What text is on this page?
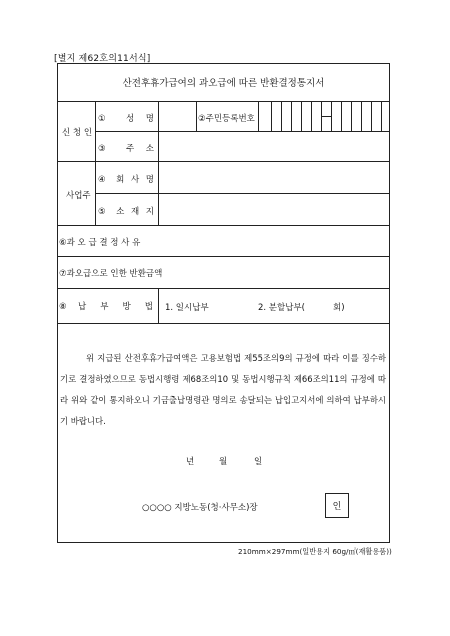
[별지 제62호의11서식]
산전후휴가급여의 과오급에 따른 반환결정통지서
신 청 인
① 성 명	②주민등록번호
③ 주 소
사업주
④ 회 사 명
⑤ 소 재 지
⑥과 오 급 결 정 사 유
⑦과오급으로 인한 반환금액
⑧납 부 방 법 1. 일시납부	2. 분할납부(	회)

위 지급된 산전후휴가급여액은 고용보험법 제55조의9의 규정에 따라 이를 징수하기로 결정하였으므로 동법시행령 제68조의10 및 동법시행규칙 제66조의11의 규정에 따라 위와 같이 통지하오니 기금출납명령관 명의로 송달되는 납입고지서에 의하여 납부하시기 바랍니다.

년	월	일
○○○○ 지방노동(청·사무소)장	인
210mm×297mm(일반용지 60g/㎡(재활용품))
